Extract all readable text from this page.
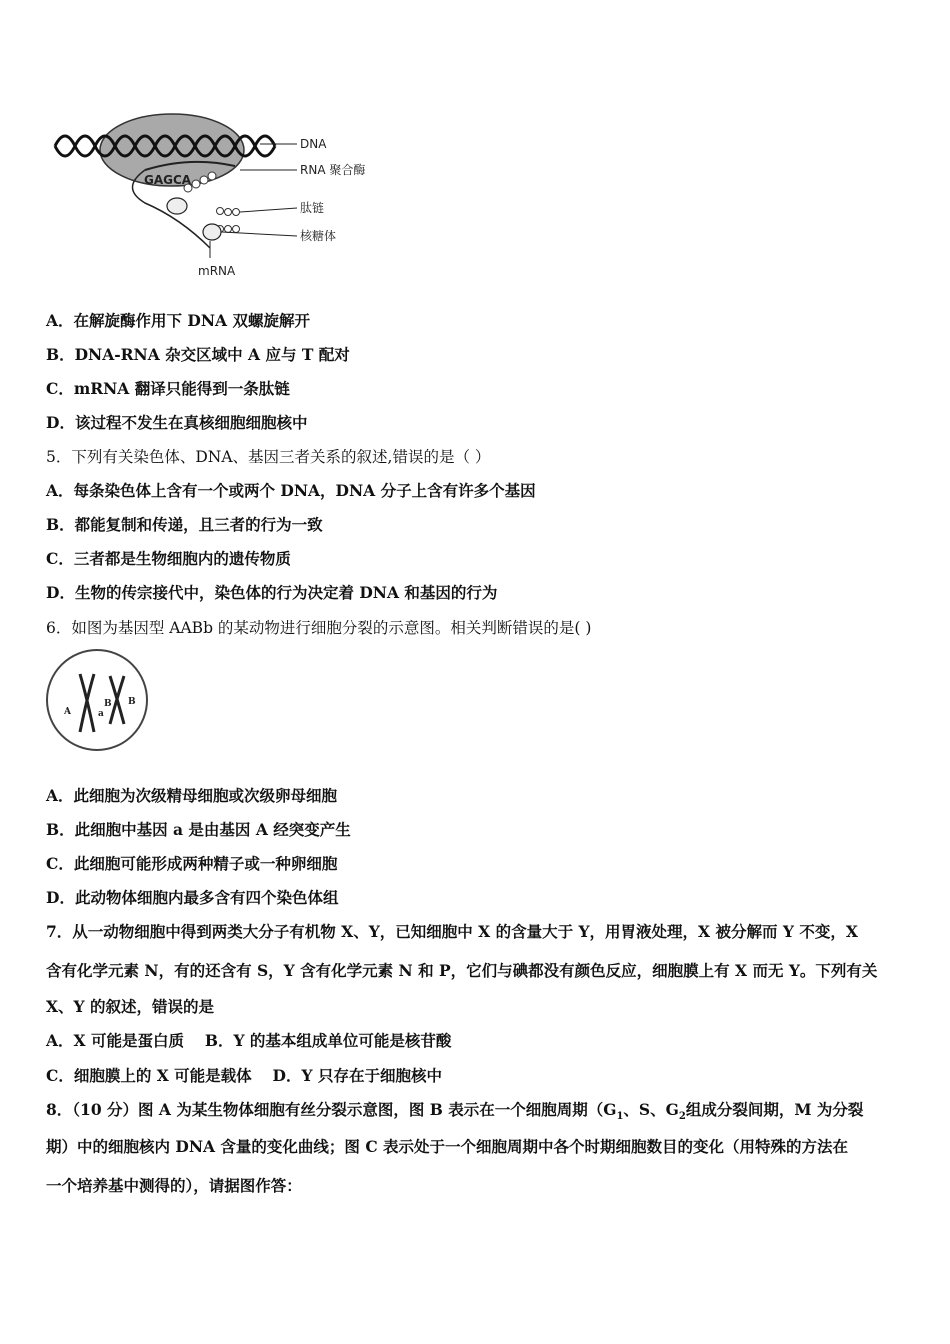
GAGCA
DNA
RNA 聚合酶
肽链
核糖体
mRNA
A．在解旋酶作用下 DNA 双螺旋解开
B．DNA-RNA 杂交区域中 A 应与 T 配对
C．mRNA 翻译只能得到一条肽链
D．该过程不发生在真核细胞细胞核中
5．下列有关染色体、DNA、基因三者关系的叙述,错误的是（ ）
A．每条染色体上含有一个或两个 DNA，DNA 分子上含有许多个基因
B．都能复制和传递，且三者的行为一致
C．三者都是生物细胞内的遗传物质
D．生物的传宗接代中，染色体的行为决定着 DNA 和基因的行为
6．如图为基因型 AABb 的某动物进行细胞分裂的示意图。相关判断错误的是( )
A	a
B B
A．此细胞为次级精母细胞或次级卵母细胞
B．此细胞中基因 a 是由基因 A 经突变产生
C．此细胞可能形成两种精子或一种卵细胞
D．此动物体细胞内最多含有四个染色体组
7．从一动物细胞中得到两类大分子有机物 X、Y，已知细胞中 X 的含量大于 Y，用胃液处理，X 被分解而 Y 不变，X
含有化学元素 N，有的还含有 S，Y 含有化学元素 N 和 P，它们与碘都没有颜色反应，细胞膜上有 X 而无 Y。下列有关
X、Y 的叙述，错误的是
A．X 可能是蛋白质　 B．Y 的基本组成单位可能是核苷酸
C．细胞膜上的 X 可能是载体　 D．Y 只存在于细胞核中
8．（10 分）图 A 为某生物体细胞有丝分裂示意图，图 B 表示在一个细胞周期（$G_1$、S、$G_2$组成分裂间期，M 为分裂
期）中的细胞核内 DNA 含量的变化曲线；图 C 表示处于一个细胞周期中各个时期细胞数目的变化（用特殊的方法在
一个培养基中测得的），请据图作答：
